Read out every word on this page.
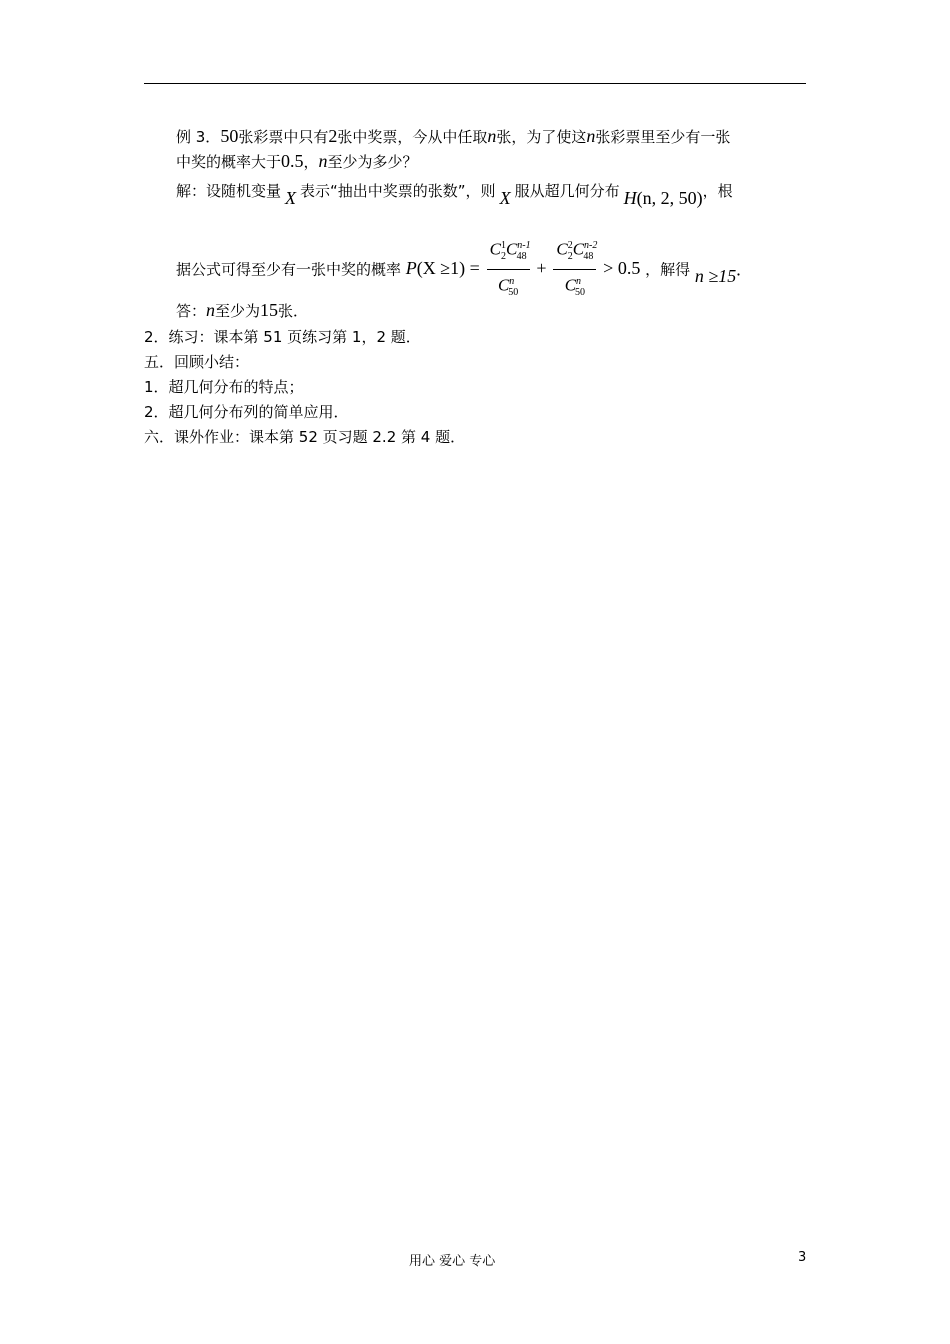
例 3．50张彩票中只有2张中奖票，今从中任取n张，为了使这n张彩票里至少有一张
中奖的概率大于0.5，n至少为多少？
解：设随机变量 X 表示“抽出中奖票的张数”，则 X 服从超几何分布 H(n, 2, 50)，根
据公式可得至少有一张中奖的概率 $P(X \ge 1) = \frac{C^1_2C^{n-1}_{48}}{C^n_{50}} + \frac{C^2_2C^{n-2}_{48}}{C^n_{50}} > 0.5$ ，解得 n ≥15.
答：n至少为15张．
2．练习：课本第 51 页练习第 1，2 题．
五．回顾小结：
1．超几何分布的特点；
2．超几何分布列的简单应用．
六．课外作业：课本第 52 页习题 2.2 第 4 题．
用心 爱心 专心	3
